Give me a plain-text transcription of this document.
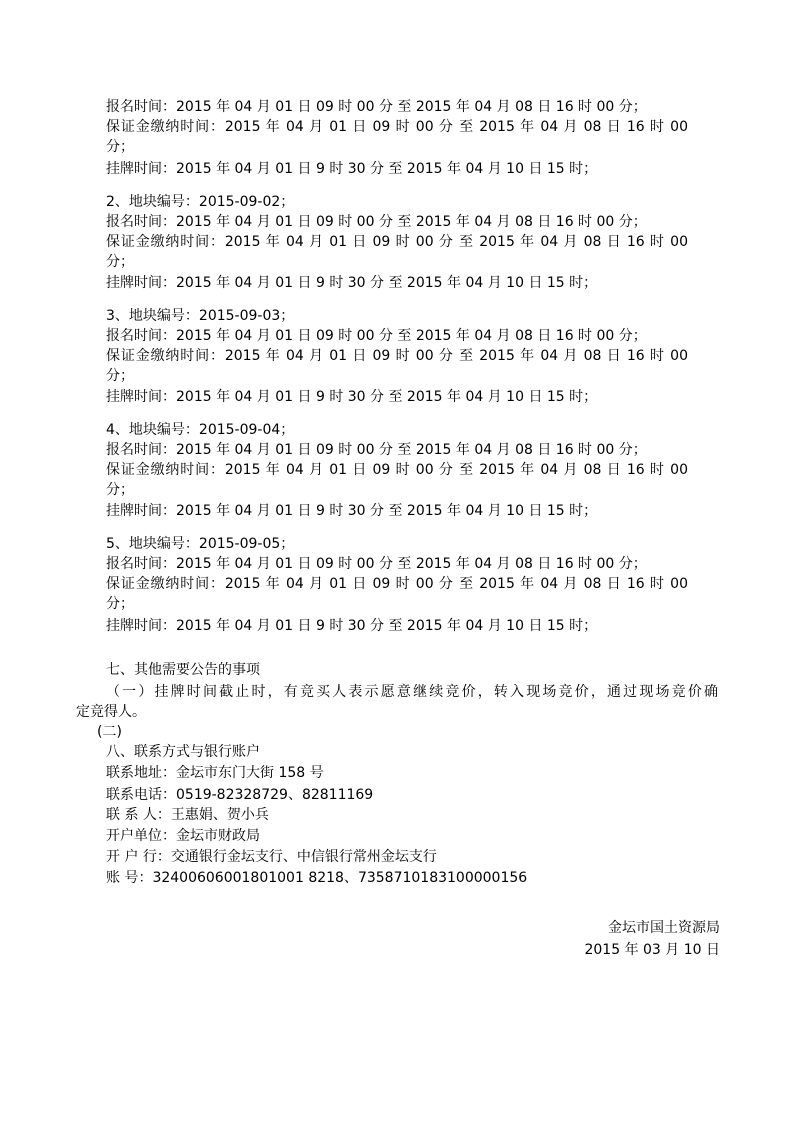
报名时间：2015 年 04 月 01 日 09 时 00 分 至 2015 年 04 月 08 日 16 时 00 分；
保证金缴纳时间：2015 年 04 月 01 日 09 时 00 分 至 2015 年 04 月 08 日 16 时 00
分；
挂牌时间：2015 年 04 月 01 日 9 时 30 分 至 2015 年 04 月 10 日 15 时；
2、地块编号：2015-09-02；
报名时间：2015 年 04 月 01 日 09 时 00 分 至 2015 年 04 月 08 日 16 时 00 分；
保证金缴纳时间：2015 年 04 月 01 日 09 时 00 分 至 2015 年 04 月 08 日 16 时 00
分；
挂牌时间：2015 年 04 月 01 日 9 时 30 分 至 2015 年 04 月 10 日 15 时；
3、地块编号：2015-09-03；
报名时间：2015 年 04 月 01 日 09 时 00 分 至 2015 年 04 月 08 日 16 时 00 分；
保证金缴纳时间：2015 年 04 月 01 日 09 时 00 分 至 2015 年 04 月 08 日 16 时 00
分；
挂牌时间：2015 年 04 月 01 日 9 时 30 分 至 2015 年 04 月 10 日 15 时；
4、地块编号：2015-09-04；
报名时间：2015 年 04 月 01 日 09 时 00 分 至 2015 年 04 月 08 日 16 时 00 分；
保证金缴纳时间：2015 年 04 月 01 日 09 时 00 分 至 2015 年 04 月 08 日 16 时 00
分；
挂牌时间：2015 年 04 月 01 日 9 时 30 分 至 2015 年 04 月 10 日 15 时；
5、地块编号：2015-09-05；
报名时间：2015 年 04 月 01 日 09 时 00 分 至 2015 年 04 月 08 日 16 时 00 分；
保证金缴纳时间：2015 年 04 月 01 日 09 时 00 分 至 2015 年 04 月 08 日 16 时 00
分；
挂牌时间：2015 年 04 月 01 日 9 时 30 分 至 2015 年 04 月 10 日 15 时；
七、其他需要公告的事项
（一）挂牌时间截止时，有竞买人表示愿意继续竞价，转入现场竞价，通过现场竞价确
定竞得人。
(二)
八、联系方式与银行账户
联系地址：金坛市东门大街 158 号
联系电话：0519-82328729、82811169
联 系 人：王惠娟、贺小兵
开户单位：金坛市财政局
开 户 行：交通银行金坛支行、中信银行常州金坛支行
账 号：32400606001801001 8218、7358710183100000156
金坛市国土资源局
2015 年 03 月 10 日
